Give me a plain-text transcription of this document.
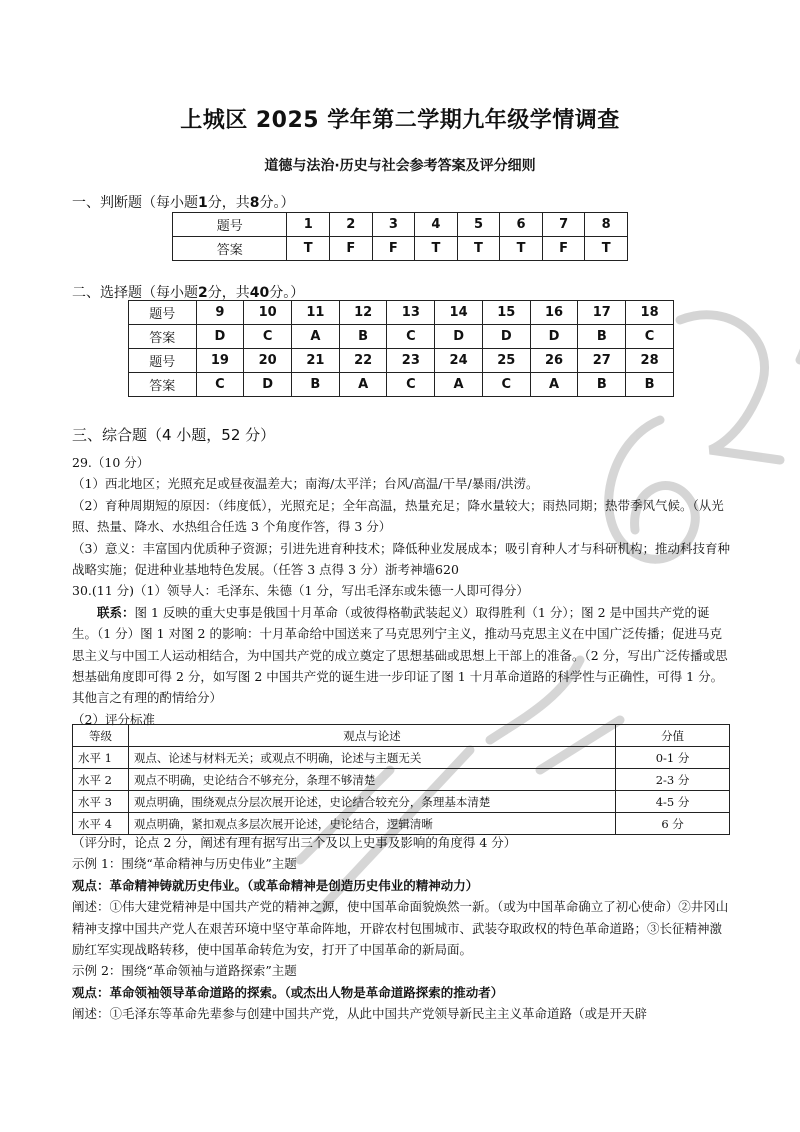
上城区 2025 学年第二学期九年级学情调查
道德与法治·历史与社会参考答案及评分细则
一、判断题（每小题1分，共8分。）
题号	1	2	3	4	5	6	7	8
答案	T	F	F	T	T	T	F	T
二、选择题（每小题2分，共40分。）
题号	9	10	11	12	13	14	15	16	17	18
答案	D	C	A	B	C	D	D	D	B	C
题号	19	20	21	22	23	24	25	26	27	28
答案	C	D	B	A	C	A	C	A	B	B
三、综合题（4 小题，52 分）

29.（10 分）

（1）西北地区；光照充足或昼夜温差大；南海/太平洋；台风/高温/干旱/暴雨/洪涝。

（2）育种周期短的原因：（纬度低），光照充足；全年高温，热量充足；降水量较大；雨热同期；热带季风气候。（从光照、热量、降水、水热组合任选 3 个角度作答，得 3 分）

（3）意义：丰富国内优质种子资源；引进先进育种技术；降低种业发展成本；吸引育种人才与科研机构；推动科技育种战略实施；促进种业基地特色发展。（任答 3 点得 3 分）浙考神墙620

30.(11 分)（1）领导人：毛泽东、朱德（1 分，写出毛泽东或朱德一人即可得分）

联系：图 1 反映的重大史事是俄国十月革命（或彼得格勒武装起义）取得胜利（1 分）；图 2 是中国共产党的诞生。（1 分）图 1 对图 2 的影响：十月革命给中国送来了马克思列宁主义，推动马克思主义在中国广泛传播；促进马克思主义与中国工人运动相结合，为中国共产党的成立奠定了思想基础或思想上干部上的准备。（2 分，写出广泛传播或思想基础角度即可得 2 分，如写图 2 中国共产党的诞生进一步印证了图 1 十月革命道路的科学性与正确性，可得 1 分。其他言之有理的酌情给分）

（2）评分标准

等级	观点与论述	分值
水平 1	观点、论述与材料无关；或观点不明确，论述与主题无关	0-1 分
水平 2	观点不明确，史论结合不够充分，条理不够清楚	2-3 分
水平 3	观点明确，围绕观点分层次展开论述，史论结合较充分，条理基本清楚	4-5 分
水平 4	观点明确，紧扣观点多层次展开论述，史论结合，逻辑清晰	6 分

（评分时，论点 2 分，阐述有理有据写出三个及以上史事及影响的角度得 4 分）

示例 1：围绕“革命精神与历史伟业”主题

观点：革命精神铸就历史伟业。（或革命精神是创造历史伟业的精神动力）

阐述：①伟大建党精神是中国共产党的精神之源，使中国革命面貌焕然一新。（或为中国革命确立了初心使命）②井冈山精神支撑中国共产党人在艰苦环境中坚守革命阵地，开辟农村包围城市、武装夺取政权的特色革命道路；③长征精神激励红军实现战略转移，使中国革命转危为安，打开了中国革命的新局面。

示例 2：围绕“革命领袖与道路探索”主题

观点：革命领袖领导革命道路的探索。（或杰出人物是革命道路探索的推动者）

阐述：①毛泽东等革命先辈参与创建中国共产党，从此中国共产党领导新民主主义革命道路（或是开天辟
